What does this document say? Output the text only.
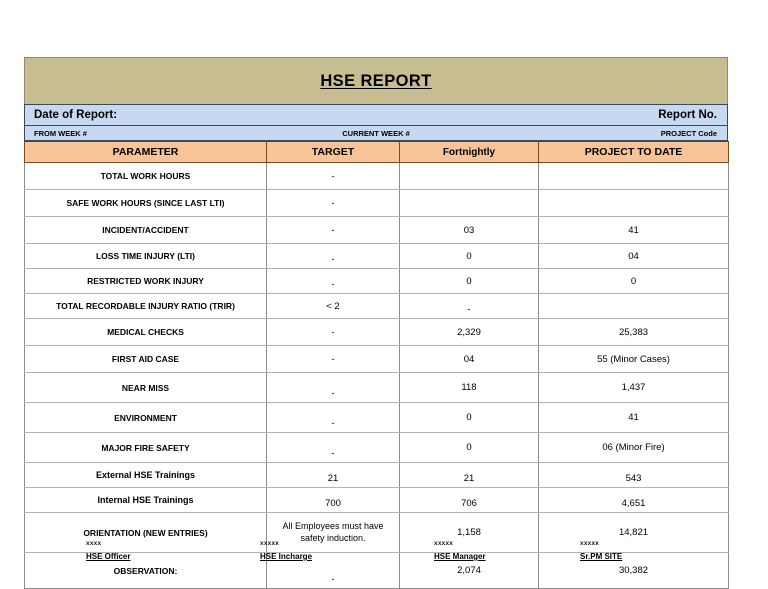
HSE REPORT
Date of Report:	Report No.
FROM WEEK #	CURRENT WEEK #	PROJECT Code
PARAMETER	TARGET	Fortnightly	PROJECT TO DATE
TOTAL WORK HOURS	-		
SAFE WORK HOURS (SINCE LAST LTI)	-		
INCIDENT/ACCIDENT	-	03	41
LOSS TIME INJURY (LTI)	-	0	04
RESTRICTED WORK INJURY	-	0	0
TOTAL RECORDABLE INJURY RATIO (TRIR)	< 2	-	
MEDICAL CHECKS	-	2,329	25,383
FIRST AID CASE	-	04	55 (Minor Cases)
NEAR MISS	-	118	1,437
ENVIRONMENT	-	0	41
MAJOR FIRE SAFETY	-	0	06 (Minor Fire)
External HSE Trainings	21	21	543
Internal HSE Trainings	700	706	4,651
ORIENTATION (NEW ENTRIES)	All Employees must have safety induction.	1,158	14,821
OBSERVATION:	-	2,074	30,382
xxxx
HSE Officer
xxxxx
HSE Incharge
xxxxx
HSE Manager
xxxxx
Sr.PM SITE
